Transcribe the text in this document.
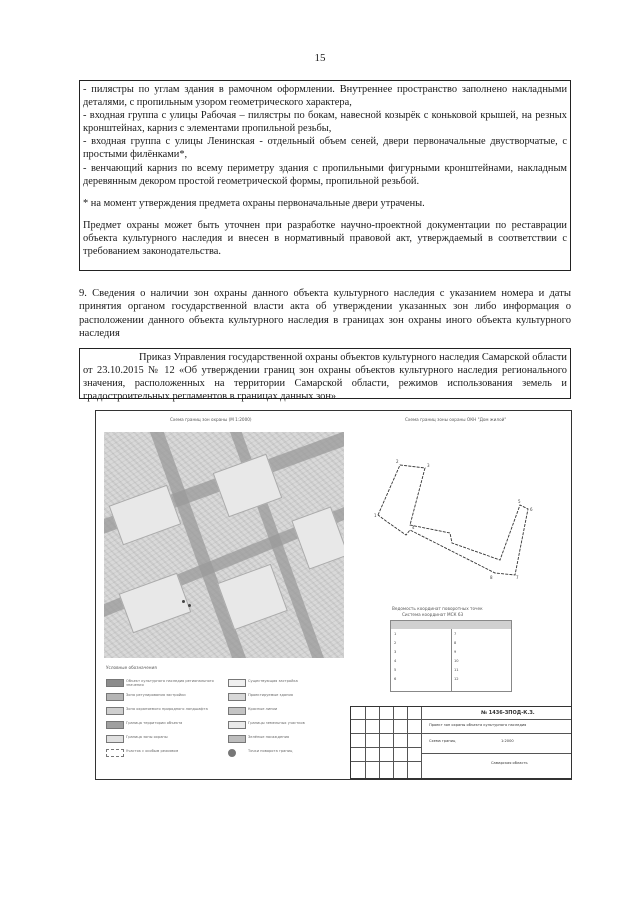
15

- пилястры по углам здания в рамочном оформлении. Внутреннее пространство заполнено накладными деталями, с пропильным узором геометрического характера,

- входная группа с улицы Рабочая – пилястры по бокам, навесной козырёк с коньковой крышей, на резных кронштейнах, карниз с элементами пропильной резьбы,

- входная группа с улицы Ленинская - отдельный объем сеней, двери первоначальные двустворчатые, с простыми филёнками*,

- венчающий карниз по всему периметру здания с пропильными фигурными кронштейнами, накладным деревянным декором простой геометрической формы, пропильной резьбой.

* на момент утверждения предмета охраны первоначальные двери утрачены.

Предмет охраны может быть уточнен при разработке научно-проектной документации по реставрации объекта культурного наследия и внесен в нормативный правовой акт, утверждаемый в соответствии с требованием законодательства.

9. Сведения о наличии зон охраны данного объекта культурного наследия с указанием номера и даты принятия органом государственной власти акта об утверждении указанных зон либо информация о расположении данного объекта культурного наследия в границах зон охраны иного объекта культурного наследия

Приказ Управления государственной охраны объектов культурного наследия Самарской области от 23.10.2015 № 12 «Об утверждении границ зон охраны объектов культурного наследия регионального значения, расположенных на территории Самарской области, режимов использования земель и градостроительных регламентов в границах данных зон»
Схема границ зон охраны (М 1:2000)	Схема границ зоны охраны ОКН "Дом жилой"
1
2
3
4
5
6
7
8
Ведомость координат поворотных точек
Система координат МСК 63
1
2
3
4
5
6
7
8
9
10
11
12
Условные обозначения
Объект культурного наследия регионального значения
Зона регулирования застройки
Зона охраняемого природного ландшафта
Граница территории объекта
Граница зоны охраны
Участок с особым режимом
Существующая застройка
Проектируемые здания
Красные линии
Границы земельных участков
Зелёные насаждения
Точки поворота границ
№ 1436-ЗПОД-К.З.
Проект зон охраны объекта культурного наследия
Схема границ	1:2000
Самарская область
